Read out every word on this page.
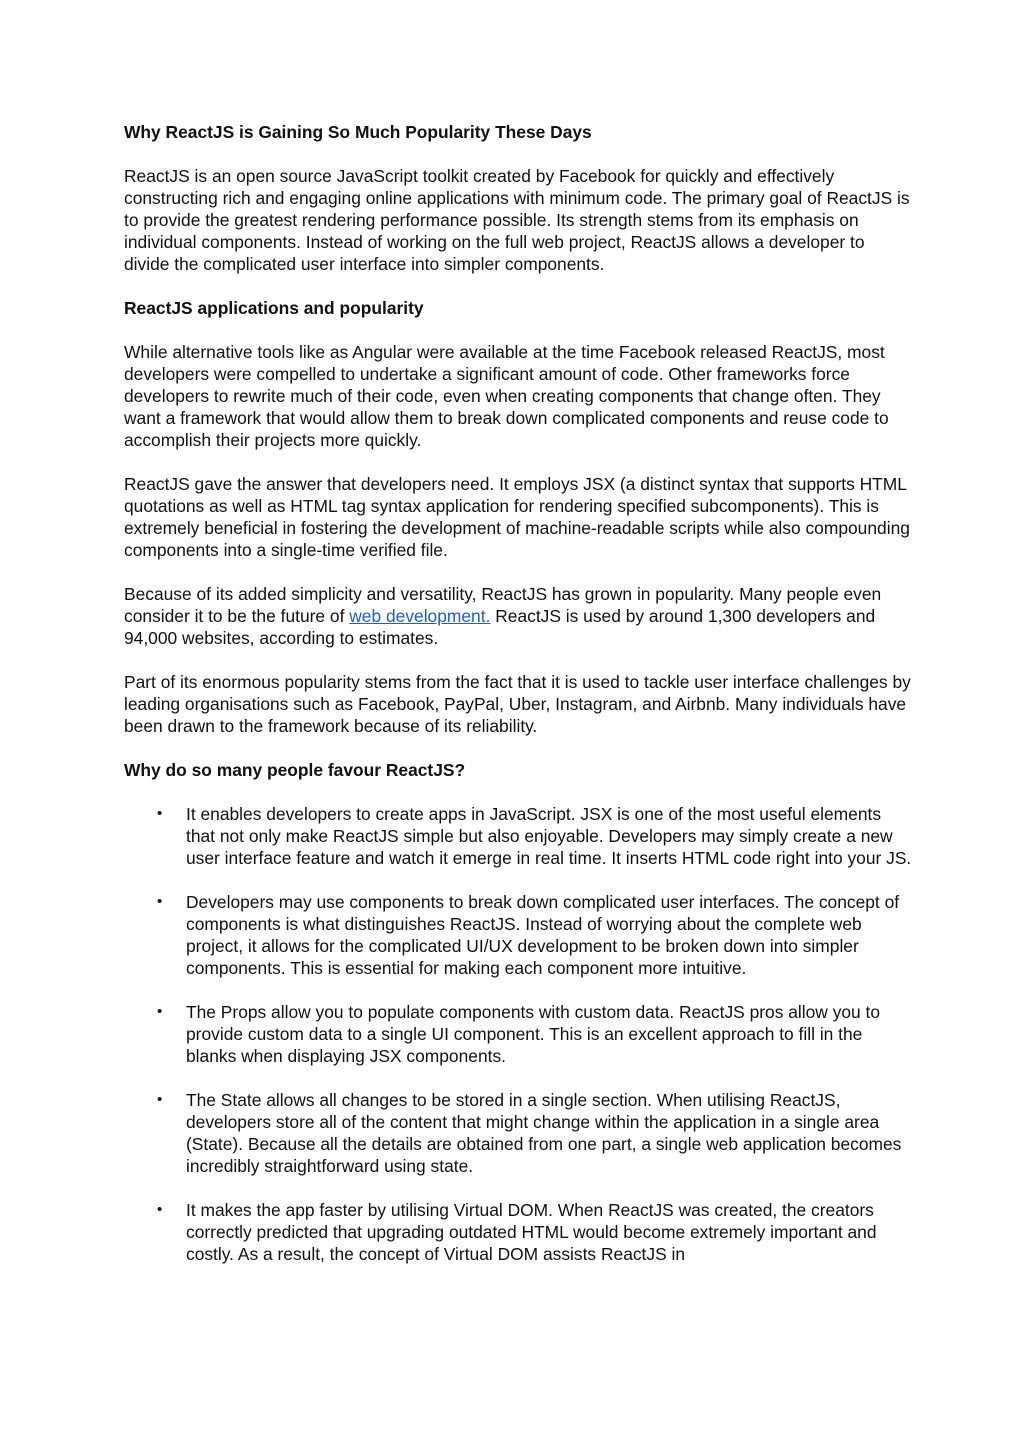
Why ReactJS is Gaining So Much Popularity These Days

ReactJS is an open source JavaScript toolkit created by Facebook for quickly and effectively constructing rich and engaging online applications with minimum code. The primary goal of ReactJS is to provide the greatest rendering performance possible. Its strength stems from its emphasis on individual components. Instead of working on the full web project, ReactJS allows a developer to divide the complicated user interface into simpler components.

ReactJS applications and popularity

While alternative tools like as Angular were available at the time Facebook released ReactJS, most developers were compelled to undertake a significant amount of code. Other frameworks force developers to rewrite much of their code, even when creating components that change often. They want a framework that would allow them to break down complicated components and reuse code to accomplish their projects more quickly.

ReactJS gave the answer that developers need. It employs JSX (a distinct syntax that supports HTML quotations as well as HTML tag syntax application for rendering specified subcomponents). This is extremely beneficial in fostering the development of machine-readable scripts while also compounding components into a single-time verified file.

Because of its added simplicity and versatility, ReactJS has grown in popularity. Many people even consider it to be the future of web development. ReactJS is used by around 1,300 developers and 94,000 websites, according to estimates.

Part of its enormous popularity stems from the fact that it is used to tackle user interface challenges by leading organisations such as Facebook, PayPal, Uber, Instagram, and Airbnb. Many individuals have been drawn to the framework because of its reliability.

Why do so many people favour ReactJS?
• It enables developers to create apps in JavaScript. JSX is one of the most useful elements that not only make ReactJS simple but also enjoyable. Developers may simply create a new user interface feature and watch it emerge in real time. It inserts HTML code right into your JS.
• Developers may use components to break down complicated user interfaces. The concept of components is what distinguishes ReactJS. Instead of worrying about the complete web project, it allows for the complicated UI/UX development to be broken down into simpler components. This is essential for making each component more intuitive.
• The Props allow you to populate components with custom data. ReactJS pros allow you to provide custom data to a single UI component. This is an excellent approach to fill in the blanks when displaying JSX components.
• The State allows all changes to be stored in a single section. When utilising ReactJS, developers store all of the content that might change within the application in a single area (State). Because all the details are obtained from one part, a single web application becomes incredibly straightforward using state.
• It makes the app faster by utilising Virtual DOM. When ReactJS was created, the creators correctly predicted that upgrading outdated HTML would become extremely important and costly. As a result, the concept of Virtual DOM assists ReactJS in
